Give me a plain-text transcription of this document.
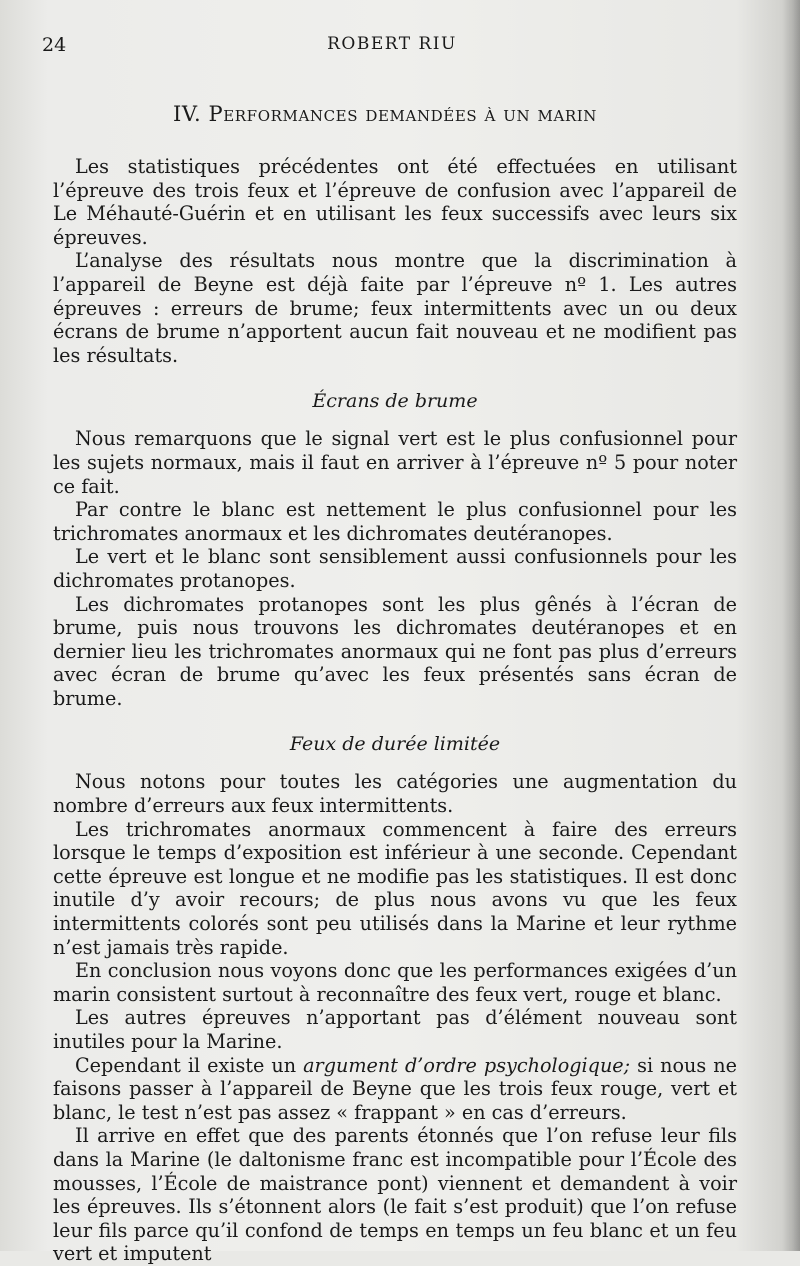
24	ROBERT RIU
IV. Performances demandées à un marin

Les statistiques précédentes ont été effectuées en utilisant l’épreuve des trois feux et l’épreuve de confusion avec l’appareil de Le Méhauté-Guérin et en utilisant les feux successifs avec leurs six épreuves.

L’analyse des résultats nous montre que la discrimination à l’appareil de Beyne est déjà faite par l’épreuve nº 1. Les autres épreuves : erreurs de brume; feux intermittents avec un ou deux écrans de brume n’apportent aucun fait nouveau et ne modifient pas les résultats.

Écrans de brume

Nous remarquons que le signal vert est le plus confusionnel pour les sujets normaux, mais il faut en arriver à l’épreuve nº 5 pour noter ce fait.

Par contre le blanc est nettement le plus confusionnel pour les trichromates anormaux et les dichromates deutéranopes.

Le vert et le blanc sont sensiblement aussi confusionnels pour les dichromates protanopes.

Les dichromates protanopes sont les plus gênés à l’écran de brume, puis nous trouvons les dichromates deutéranopes et en dernier lieu les trichromates anormaux qui ne font pas plus d’erreurs avec écran de brume qu’avec les feux présentés sans écran de brume.

Feux de durée limitée

Nous notons pour toutes les catégories une augmentation du nombre d’erreurs aux feux intermittents.

Les trichromates anormaux commencent à faire des erreurs lorsque le temps d’exposition est inférieur à une seconde. Cependant cette épreuve est longue et ne modifie pas les statistiques. Il est donc inutile d’y avoir recours; de plus nous avons vu que les feux intermittents colorés sont peu utilisés dans la Marine et leur rythme n’est jamais très rapide.

En conclusion nous voyons donc que les performances exigées d’un marin consistent surtout à reconnaître des feux vert, rouge et blanc.

Les autres épreuves n’apportant pas d’élément nouveau sont inutiles pour la Marine.

Cependant il existe un argument d’ordre psychologique; si nous ne faisons passer à l’appareil de Beyne que les trois feux rouge, vert et blanc, le test n’est pas assez « frappant » en cas d’erreurs.

Il arrive en effet que des parents étonnés que l’on refuse leur fils dans la Marine (le daltonisme franc est incompatible pour l’École des mousses, l’École de maistrance pont) viennent et demandent à voir les épreuves. Ils s’étonnent alors (le fait s’est produit) que l’on refuse leur fils parce qu’il confond de temps en temps un feu blanc et un feu vert et imputent
